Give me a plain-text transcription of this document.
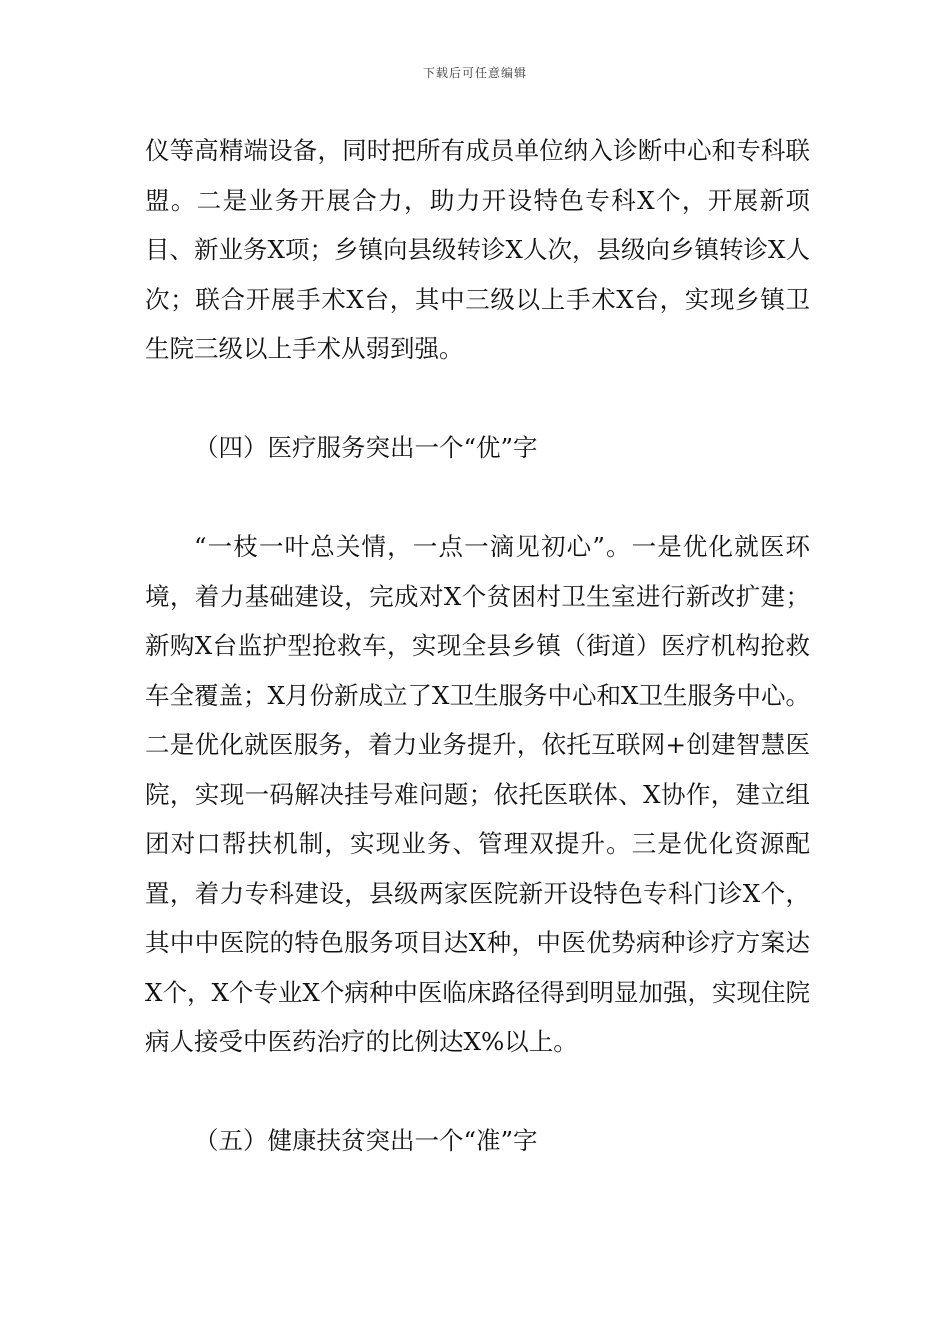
下载后可任意编辑

仪等高精端设备，同时把所有成员单位纳入诊断中心和专科联盟。二是业务开展合力，助力开设特色专科X个，开展新项目、新业务X项；乡镇向县级转诊X人次，县级向乡镇转诊X人次；联合开展手术X台，其中三级以上手术X台，实现乡镇卫生院三级以上手术从弱到强。

（四）医疗服务突出一个“优”字

“一枝一叶总关情，一点一滴见初心”。一是优化就医环境，着力基础建设，完成对X个贫困村卫生室进行新改扩建；新购X台监护型抢救车，实现全县乡镇（街道）医疗机构抢救车全覆盖；X月份新成立了X卫生服务中心和X卫生服务中心。二是优化就医服务，着力业务提升，依托互联网+创建智慧医院，实现一码解决挂号难问题；依托医联体、X协作，建立组团对口帮扶机制，实现业务、管理双提升。三是优化资源配置，着力专科建设，县级两家医院新开设特色专科门诊X个，其中中医院的特色服务项目达X种，中医优势病种诊疗方案达X个，X个专业X个病种中医临床路径得到明显加强，实现住院病人接受中医药治疗的比例达X%以上。

（五）健康扶贫突出一个“准”字
